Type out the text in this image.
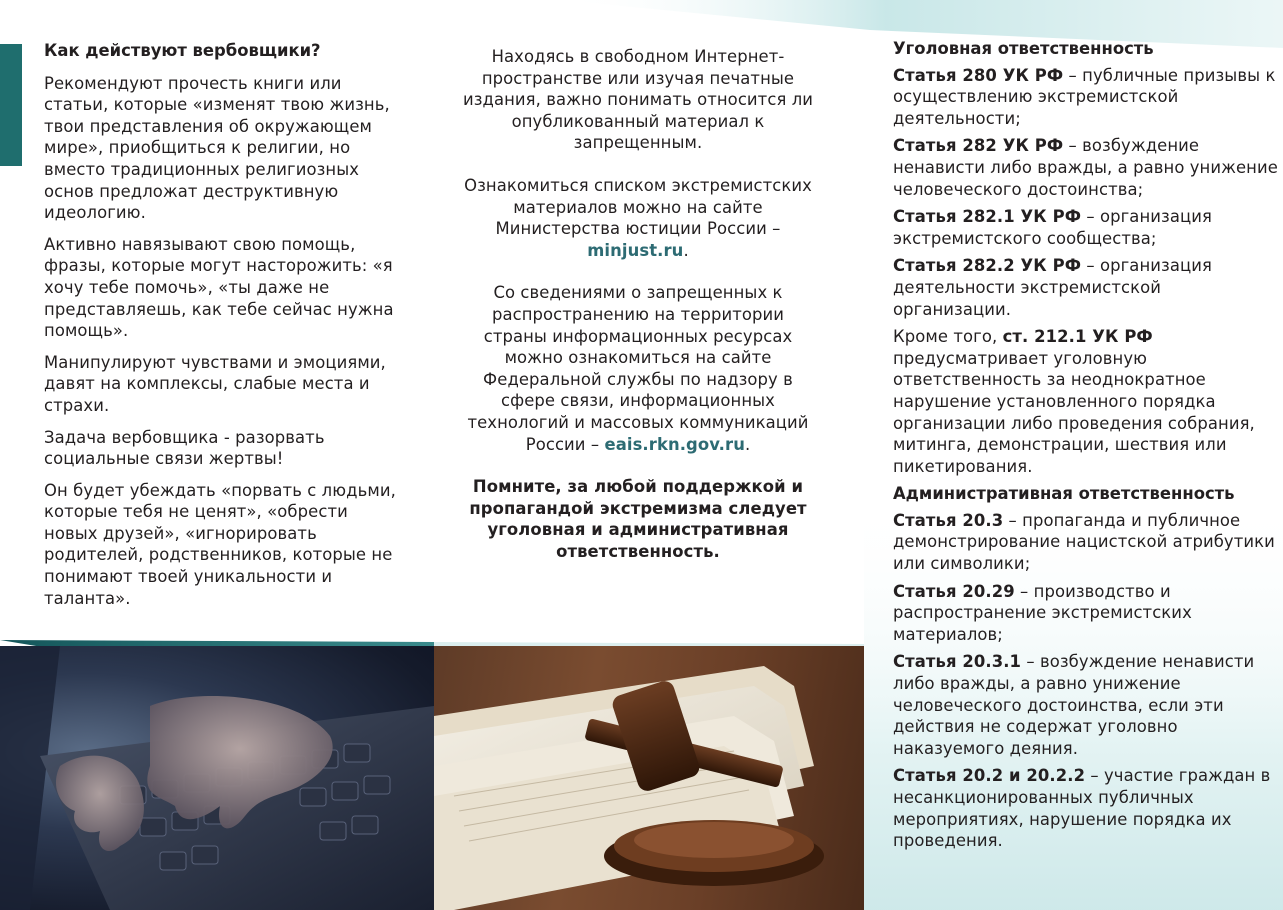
Как действуют вербовщики?

Рекомендуют прочесть книги или статьи, которые «изменят твою жизнь, твои представления об окружающем мире», приобщиться к религии, но вместо традиционных религиозных основ предложат деструктивную идеологию.

Активно навязывают свою помощь, фразы, которые могут насторожить: «я хочу тебе помочь», «ты даже не представляешь, как тебе сейчас нужна помощь».

Манипулируют чувствами и эмоциями, давят на комплексы, слабые места и страхи.

Задача вербовщика - разорвать социальные связи жертвы!

Он будет убеждать «порвать с людьми, которые тебя не ценят», «обрести новых друзей», «игнорировать родителей, родственников, которые не понимают твоей уникальности и таланта».

Находясь в свободном Интернет-пространстве или изучая печатные издания, важно понимать относится ли опубликованный материал к запрещенным.

Ознакомиться списком экстремистских материалов можно на сайте Министерства юстиции России – minjust.ru.

Со сведениями о запрещенных к распространению на территории страны информационных ресурсах можно ознакомиться на сайте Федеральной службы по надзору в сфере связи, информационных технологий и массовых коммуникаций России – eais.rkn.gov.ru.

Помните, за любой поддержкой и пропагандой экстремизма следует уголовная и административная ответственность.

Уголовная ответственность

Статья 280 УК РФ – публичные призывы к осуществлению экстремистской деятельности;

Статья 282 УК РФ – возбуждение ненависти либо вражды, а равно унижение человеческого достоинства;

Статья 282.1 УК РФ – организация экстремистского сообщества;

Статья 282.2 УК РФ – организация деятельности экстремистской организации.

Кроме того, ст. 212.1 УК РФ предусматривает уголовную ответственность за неоднократное нарушение установленного порядка организации либо проведения собрания, митинга, демонстрации, шествия или пикетирования.

Административная ответственность

Статья 20.3 – пропаганда и публичное демонстрирование нацистской атрибутики или символики;

Статья 20.29 – производство и распространение экстремистских материалов;

Статья 20.3.1 – возбуждение ненависти либо вражды, а равно унижение человеческого достоинства, если эти действия не содержат уголовно наказуемого деяния.

Статья 20.2 и 20.2.2 – участие граждан в несанкционированных публичных мероприятиях, нарушение порядка их проведения.
